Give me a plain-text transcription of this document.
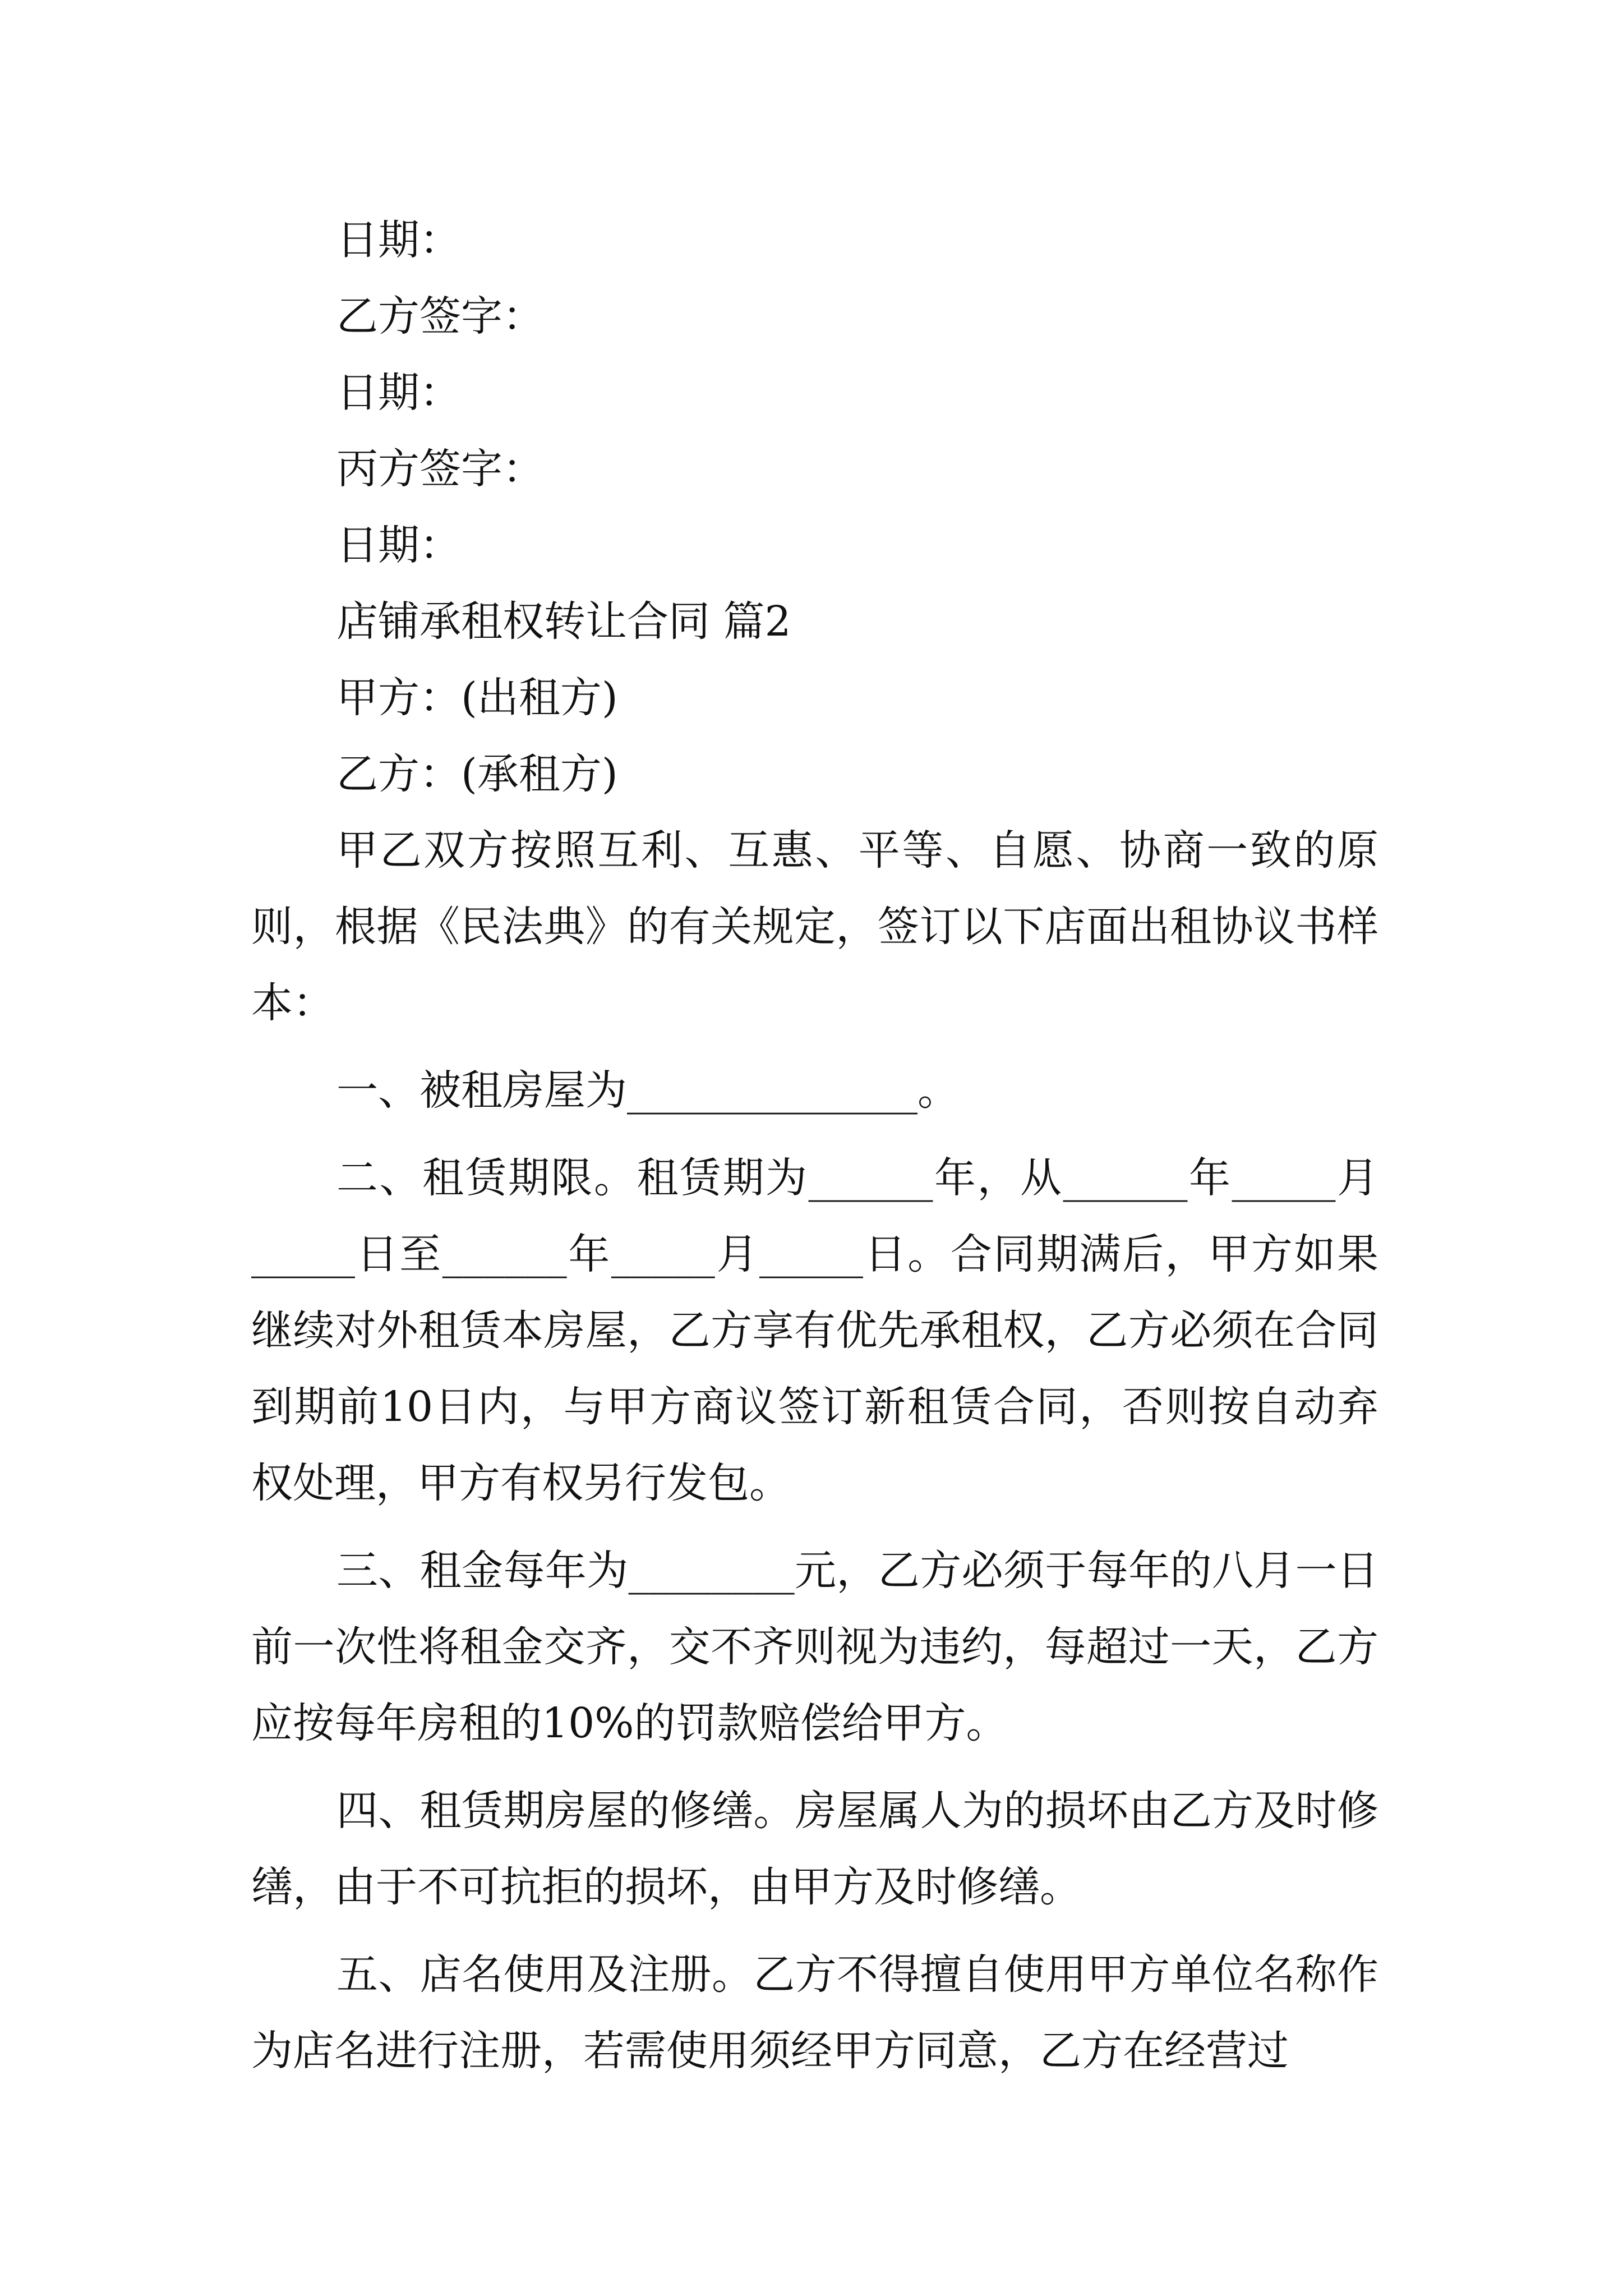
日期：

乙方签字：

日期：

丙方签字：

日期：

店铺承租权转让合同 篇2

甲方：(出租方)

乙方：(承租方)

甲乙双方按照互利、互惠、平等、自愿、协商一致的原则，根据《民法典》的有关规定，签订以下店面出租协议书样本：

一、被租房屋为______________。

二、租赁期限。租赁期为______年，从______年_____月_____日至______年_____月_____日。合同期满后，甲方如果继续对外租赁本房屋，乙方享有优先承租权，乙方必须在合同到期前10日内，与甲方商议签订新租赁合同，否则按自动弃权处理，甲方有权另行发包。

三、租金每年为________元，乙方必须于每年的八月一日前一次性将租金交齐，交不齐则视为违约，每超过一天，乙方应按每年房租的10%的罚款赔偿给甲方。

四、租赁期房屋的修缮。房屋属人为的损坏由乙方及时修缮，由于不可抗拒的损坏，由甲方及时修缮。

五、店名使用及注册。乙方不得擅自使用甲方单位名称作为店名进行注册，若需使用须经甲方同意，乙方在经营过
